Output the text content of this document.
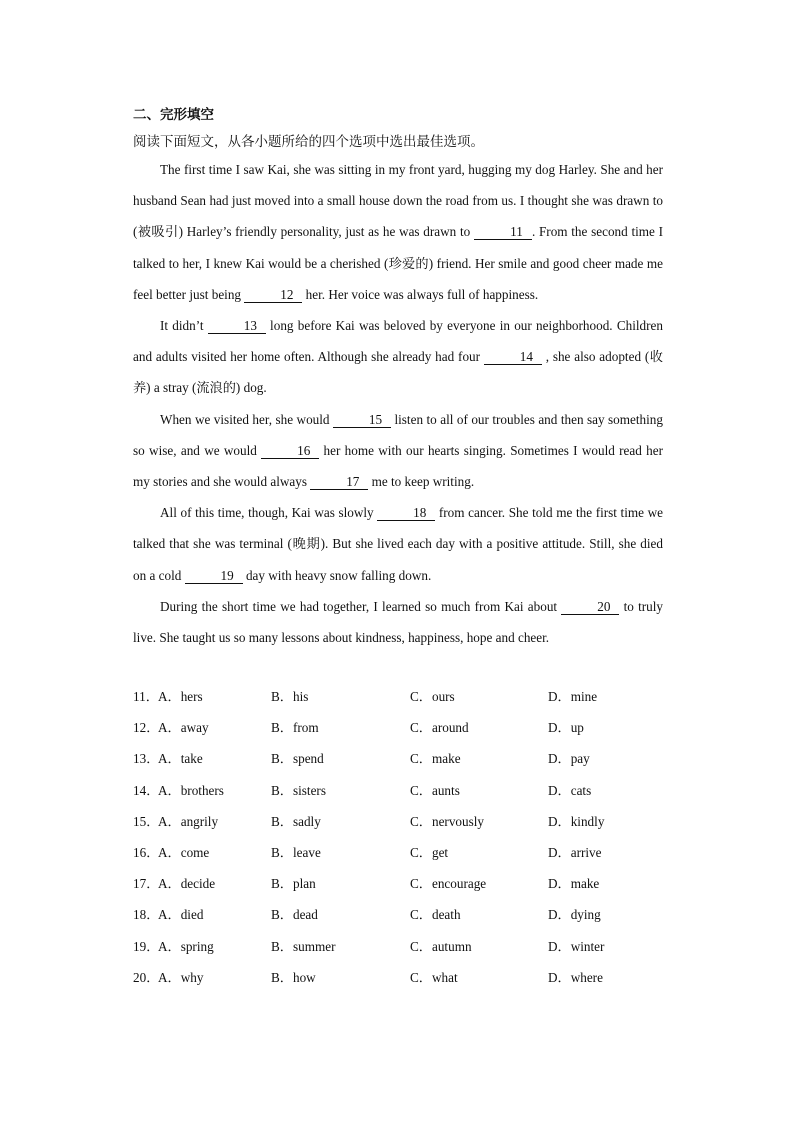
二、完形填空
阅读下面短文，从各小题所给的四个选项中选出最佳选项。

The first time I saw Kai, she was sitting in my front yard, hugging my dog Harley. She and her husband Sean had just moved into a small house down the road from us. I thought she was drawn to (被吸引) Harley’s friendly personality, just as he was drawn to	11 . From the second time I talked to her, I knew Kai would be a cherished (珍爱的) friend. Her smile and good cheer made me feel better just being	12 her. Her voice was always full of happiness.

It didn’t	13 long before Kai was beloved by everyone in our neighborhood. Children and adults visited her home often. Although she already had four	14 , she also adopted (收养) a stray (流浪的) dog.

When we visited her, she would	15 listen to all of our troubles and then say something so wise, and we would	16 her home with our hearts singing. Sometimes I would read her my stories and she would always	17 me to keep writing.

All of this time, though, Kai was slowly	18 from cancer. She told me the first time we talked that she was terminal (晚期). But she lived each day with a positive attitude. Still, she died on a cold	19 day with heavy snow falling down.

During the short time we had together, I learned so much from Kai about	20 to truly live. She taught us so many lessons about kindness, happiness, hope and cheer.

11． A．hers	B．his	C．ours	D．mine
12．
A．away	B．from	C．around	D．up
13．
A．take	B．spend	C．make	D．pay
14．
A．brothers	B．sisters	C．aunts	D．cats
15．
A．angrily	B．sadly	C．nervously	D．kindly
16．
A．come	B．leave	C．get	D．arrive
17．
A．decide	B．plan	C．encourage	D．make
18．
A．died	B．dead	C．death	D．dying
19．
A．spring	B．summer	C．autumn	D．winter
20．
A．why	B．how	C．what	D．where
